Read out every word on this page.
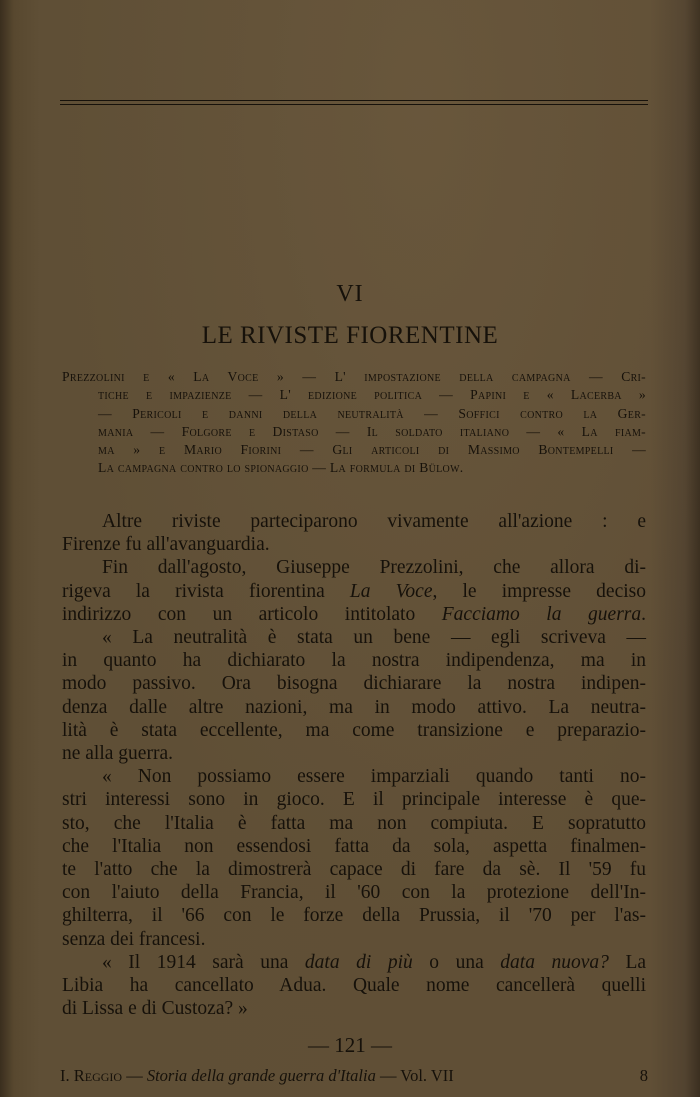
VI
LE RIVISTE FIORENTINE
Prezzolini e « La Voce » — L' impostazione della campagna — Cri-
tiche e impazienze — L' edizione politica — Papini e « Lacerba »
— Pericoli e danni della neutralità — Soffici contro la Ger-
mania — Folgore e Distaso — Il soldato italiano — « La fiam-
ma » e Mario Fiorini — Gli articoli di Massimo Bontempelli —
La campagna contro lo spionaggio — La formula di Bülow.
Altre riviste parteciparono vivamente all'azione : e
Firenze fu all'avanguardia.
Fin dall'agosto, Giuseppe Prezzolini, che allora di-
rigeva la rivista fiorentina La Voce, le impresse deciso
indirizzo con un articolo intitolato Facciamo la guerra.
« La neutralità è stata un bene — egli scriveva —
in quanto ha dichiarato la nostra indipendenza, ma in
modo passivo. Ora bisogna dichiarare la nostra indipen-
denza dalle altre nazioni, ma in modo attivo. La neutra-
lità è stata eccellente, ma come transizione e preparazio-
ne alla guerra.
« Non possiamo essere imparziali quando tanti no-
stri interessi sono in gioco. E il principale interesse è que-
sto, che l'Italia è fatta ma non compiuta. E sopratutto
che l'Italia non essendosi fatta da sola, aspetta finalmen-
te l'atto che la dimostrerà capace di fare da sè. Il '59 fu
con l'aiuto della Francia, il '60 con la protezione dell'In-
ghilterra, il '66 con le forze della Prussia, il '70 per l'as-
senza dei francesi.
« Il 1914 sarà una data di più o una data nuova? La
Libia ha cancellato Adua. Quale nome cancellerà quelli
di Lissa e di Custoza? »
— 121 —
I. Reggio — Storia della grande guerra d'Italia — Vol. VII	8
